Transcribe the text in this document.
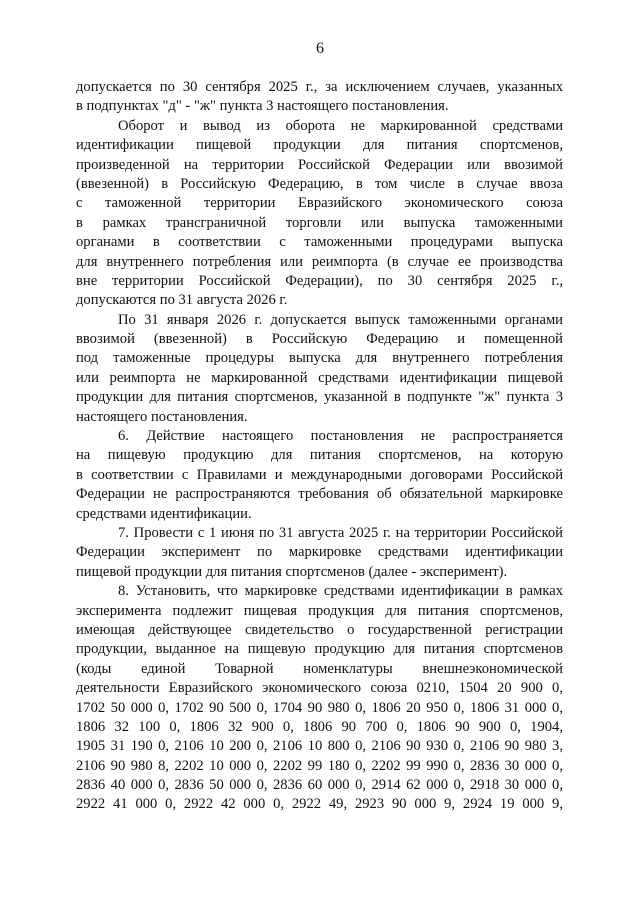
6
допускается по 30 сентября 2025 г., за исключением случаев, указанных
в подпунктах "д" - "ж" пункта 3 настоящего постановления.
Оборот и вывод из оборота не маркированной средствами
идентификации пищевой продукции для питания спортсменов,
произведенной на территории Российской Федерации или ввозимой
(ввезенной) в Российскую Федерацию, в том числе в случае ввоза
с таможенной территории Евразийского экономического союза
в рамках трансграничной торговли или выпуска таможенными
органами в соответствии с таможенными процедурами выпуска
для внутреннего потребления или реимпорта (в случае ее производства
вне территории Российской Федерации), по 30 сентября 2025 г.,
допускаются по 31 августа 2026 г.
По 31 января 2026 г. допускается выпуск таможенными органами
ввозимой (ввезенной) в Российскую Федерацию и помещенной
под таможенные процедуры выпуска для внутреннего потребления
или реимпорта не маркированной средствами идентификации пищевой
продукции для питания спортсменов, указанной в подпункте "ж" пункта 3
настоящего постановления.
6. Действие настоящего постановления не распространяется
на пищевую продукцию для питания спортсменов, на которую
в соответствии с Правилами и международными договорами Российской
Федерации не распространяются требования об обязательной маркировке
средствами идентификации.
7. Провести с 1 июня по 31 августа 2025 г. на территории Российской
Федерации эксперимент по маркировке средствами идентификации
пищевой продукции для питания спортсменов (далее - эксперимент).
8. Установить, что маркировке средствами идентификации в рамках
эксперимента подлежит пищевая продукция для питания спортсменов,
имеющая действующее свидетельство о государственной регистрации
продукции, выданное на пищевую продукцию для питания спортсменов
(коды единой Товарной номенклатуры внешнеэкономической
деятельности Евразийского экономического союза 0210, 1504 20 900 0,
1702 50 000 0, 1702 90 500 0, 1704 90 980 0, 1806 20 950 0, 1806 31 000 0,
1806 32 100 0, 1806 32 900 0, 1806 90 700 0, 1806 90 900 0, 1904,
1905 31 190 0, 2106 10 200 0, 2106 10 800 0, 2106 90 930 0, 2106 90 980 3,
2106 90 980 8, 2202 10 000 0, 2202 99 180 0, 2202 99 990 0, 2836 30 000 0,
2836 40 000 0, 2836 50 000 0, 2836 60 000 0, 2914 62 000 0, 2918 30 000 0,
2922 41 000 0, 2922 42 000 0, 2922 49, 2923 90 000 9, 2924 19 000 9,
